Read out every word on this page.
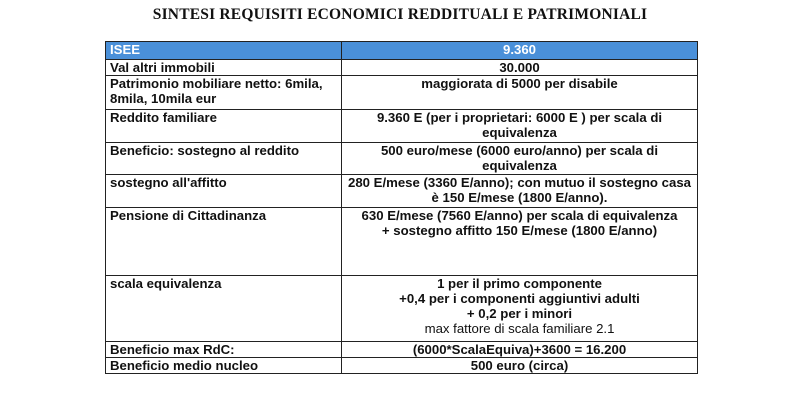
SINTESI REQUISITI ECONOMICI REDDITUALI E PATRIMONIALI
ISEE	9.360
Val altri immobili	30.000
Patrimonio mobiliare netto: 6mila, 8mila, 10mila eur	maggiorata di 5000 per disabile
Reddito familiare	9.360 E (per i proprietari: 6000 E ) per scala di equivalenza
Beneficio: sostegno al reddito	500 euro/mese (6000 euro/anno) per scala di equivalenza
sostegno all'affitto	280 E/mese (3360 E/anno); con mutuo il sostegno casa è 150 E/mese (1800 E/anno).
Pensione di Cittadinanza	630 E/mese (7560 E/anno) per scala di equivalenza
+ sostegno affitto 150 E/mese (1800 E/anno)

scala equivalenza	1 per il primo componente
+0,4 per i componenti aggiuntivi adulti
+ 0,2 per i minori
max fattore di scala familiare 2.1

Beneficio max RdC:	(6000*ScalaEquiva)+3600 = 16.200
Beneficio medio nucleo	500 euro (circa)
